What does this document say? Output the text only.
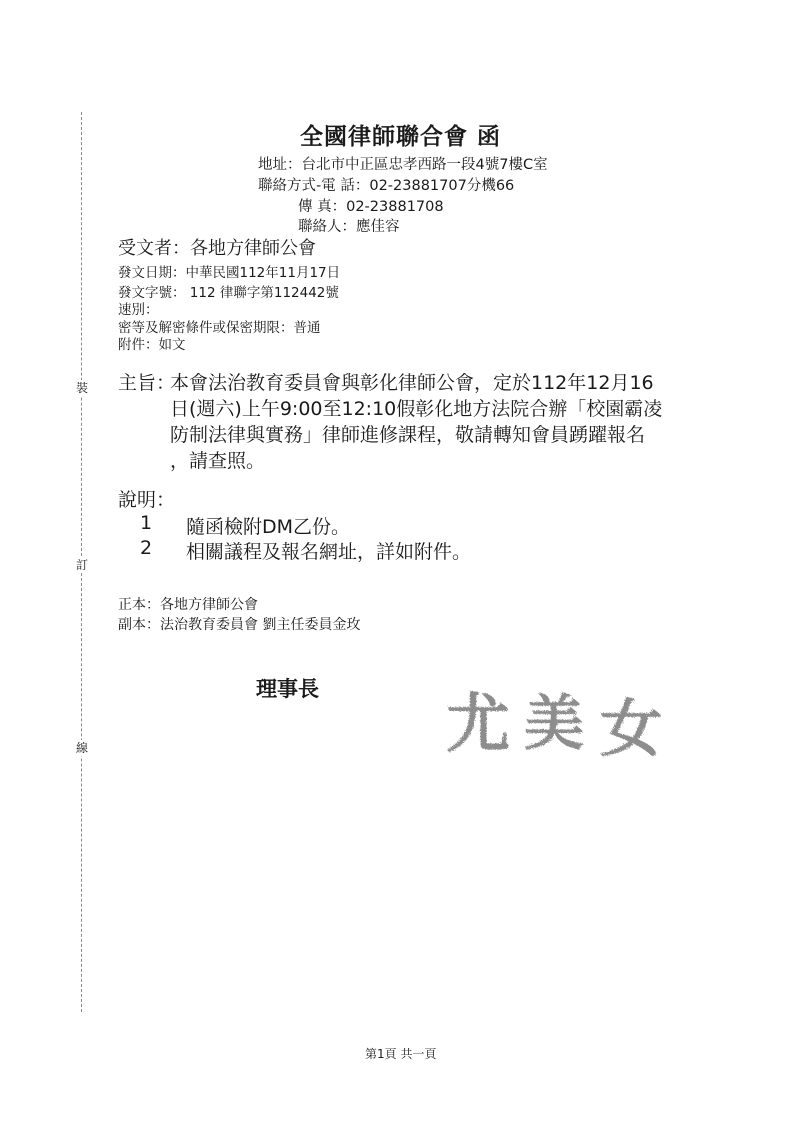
裝
訂
線
全國律師聯合會 函
地址：台北市中正區忠孝西路一段4號7樓C室
聯絡方式-電 話：02-23881707分機66
傳 真：02-23881708
聯絡人：應佳容
受文者：各地方律師公會
發文日期：中華民國112年11月17日
發文字號： 112 律聯字第112442號
速別：
密等及解密條件或保密期限：普通
附件：如文
主旨：
本會法治教育委員會與彰化律師公會，定於112年12月16
日(週六)上午9:00至12:10假彰化地方法院合辦「校園霸凌
防制法律與實務」律師進修課程，敬請轉知會員踴躍報名
，請查照。
說明：
1 隨函檢附DM乙份。
2 相關議程及報名網址，詳如附件。
正本：各地方律師公會
副本：法治教育委員會 劉主任委員金玫
理事長 尤 美 女
第1頁 共一頁
